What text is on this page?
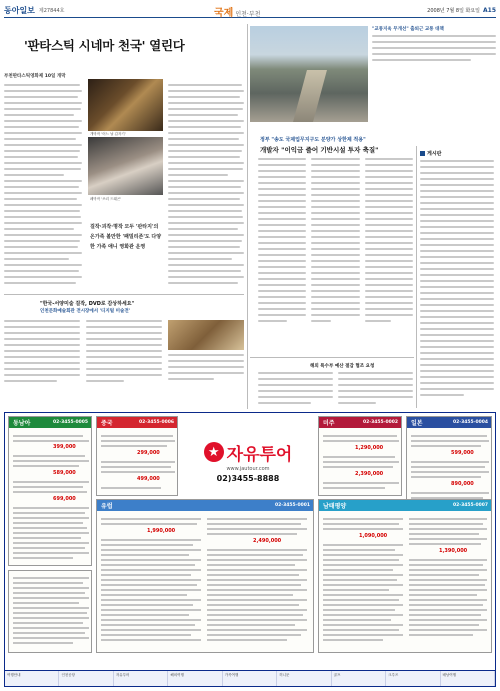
동아일보 제27844호	국제 인천·부천	2008년 7월 8일 화요일 A15
'판타스틱 시네마 천국' 열린다
부천판타스틱영화제 10일 개막
개막작 '어느 날 갑자기'
폐막작 '쓰리 드래곤'
걸작·괴작·명작 모두 '판타지'의 온가족 볼만한 '패밀리존'도 다양한 가족 애니 영화관 운영
"한국-서양미술 걸작, DVD로 감상하세요"
인천문화예술회관 전시장에서 '디지털 미술전'
"교통지옥 무개선" 출퇴근 교통 대책
정부 "송도 국제업무지구도 분양가 상한제 적용"
개발자 "이익금 줄어 기반시설 투자 축질"	게시판
해외 특수부 예산 절감 협조 요청
동남아	02-3455-0005
399,000
589,000
699,000
중국	02-3455-0006
299,000
499,000
★ 자유투어
www.jautour.com
02)3455-8888
미주	02-3455-0002
1,290,000
2,390,000
일본	02-3455-0004
599,000
890,000
유럽	02-3455-0001
1,990,000
2,490,000
남태평양	02-3455-0007
1,090,000
1,390,000
여행안내	인천공항	자유투어	해외여행	가족여행	허니문	골프	크루즈	배낭여행
